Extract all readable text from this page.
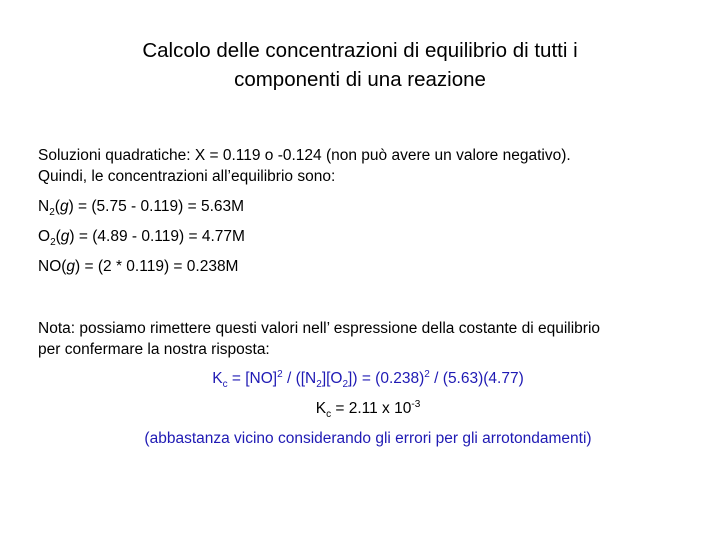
Calcolo delle concentrazioni di equilibrio di tutti i
componenti di una reazione

Soluzioni quadratiche: X = 0.119 o -0.124 (non può avere un valore negativo).

Quindi, le concentrazioni all’equilibrio sono:

$N_2(g) = (5.75 - 0.119) = 5.63M$

$O_2(g) = (4.89 - 0.119) = 4.77M$

NO(g) = (2 * 0.119) = 0.238M

Nota: possiamo rimettere questi valori nell’ espressione della costante di equilibrio

per confermare la nostra risposta:

$K_c = [NO]^2 / ([N_2][O_2]) = (0.238)^2 / (5.63)(4.77)$
$K_c = 2.11$ x $10^{-3}$
(abbastanza vicino considerando gli errori per gli arrotondamenti)
